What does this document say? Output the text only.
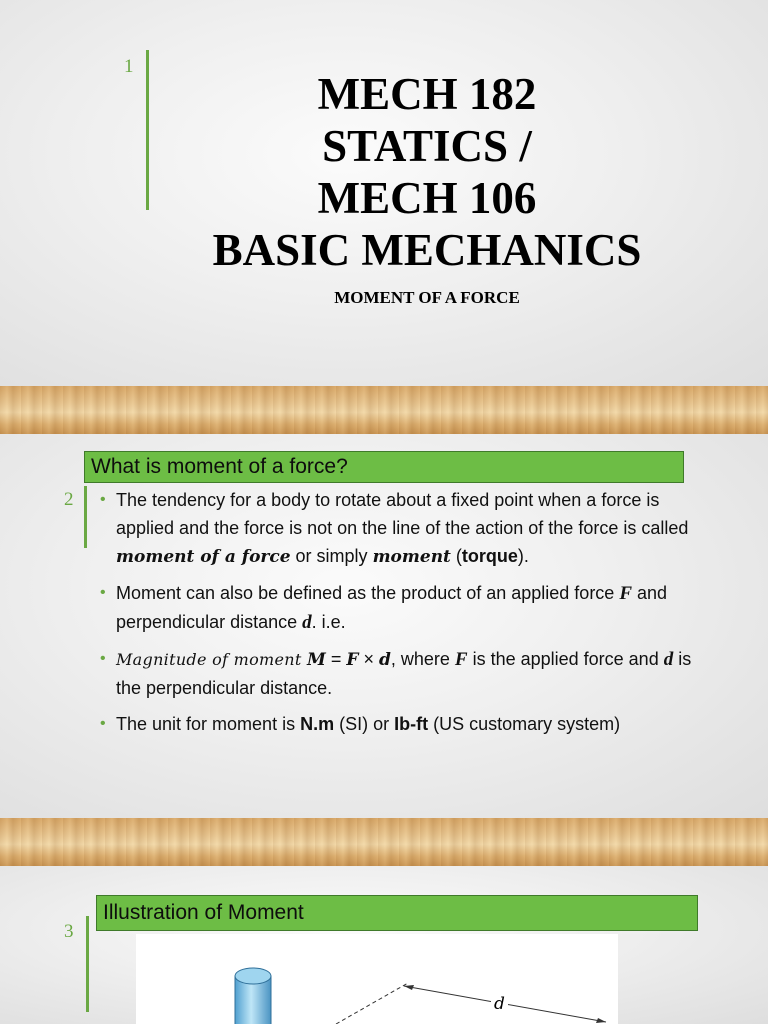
1
MECH 182
STATICS /
MECH 106
BASIC MECHANICS
MOMENT OF A FORCE
2
What is moment of a force?
• The tendency for a body to rotate about a fixed point when a force is applied and the force is not on the line of the action of the force is called moment of a force or simply moment (torque).
• Moment can also be defined as the product of an applied force F and perpendicular distance d. i.e.
• Magnitude of moment M = F × d, where F is the applied force and d is the perpendicular distance.
• The unit for moment is N.m (SI) or Ib-ft (US customary system)
3
Illustration of Moment
d
